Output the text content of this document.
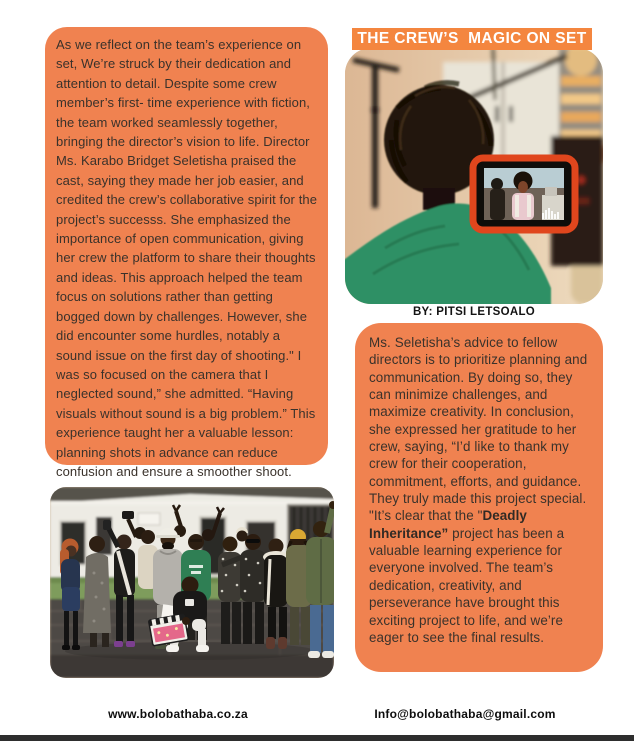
As we reflect on the team’s experience on set, We’re struck by their dedication and attention to detail. Despite some crew member’s first- time experience with fiction, the team worked seamlessly together, bringing the director’s vision to life. Director Ms. Karabo Bridget Seletisha praised the cast, saying they made her job easier, and credited the crew’s collaborative spirit for the project’s successs. She emphasized the importance of open communication, giving her crew the platform to share their thoughts and ideas. This approach helped the team focus on solutions rather than getting bogged down by challenges. However, she did encounter some hurdles, notably a sound issue on the first day of shooting." I was so focused on the camera that I neglected sound,” she admitted. “Having visuals without sound is a big problem.” This experience taught her a valuable lesson: planning shots in advance can reduce confusion and ensure a smoother shoot.

THE CREW’S  MAGIC ON SET
BY: PITSI LETSOALO

Ms. Seletisha’s advice to fellow directors is to prioritize planning and communication. By doing so, they can minimize challenges, and maximize creativity. In conclusion, she expressed her gratitude to her crew, saying, “I’d like to thank my crew for their cooperation, commitment, efforts, and guidance. They truly made this project special. "It’s clear that the "Deadly Inheritance” project has been a valuable learning experience for everyone involved. The team’s dedication, creativity, and perseverance have brought this exciting project to life, and we’re eager to see the final results.

www.bolobathaba.co.za	Info@bolobathaba@gmail.com
